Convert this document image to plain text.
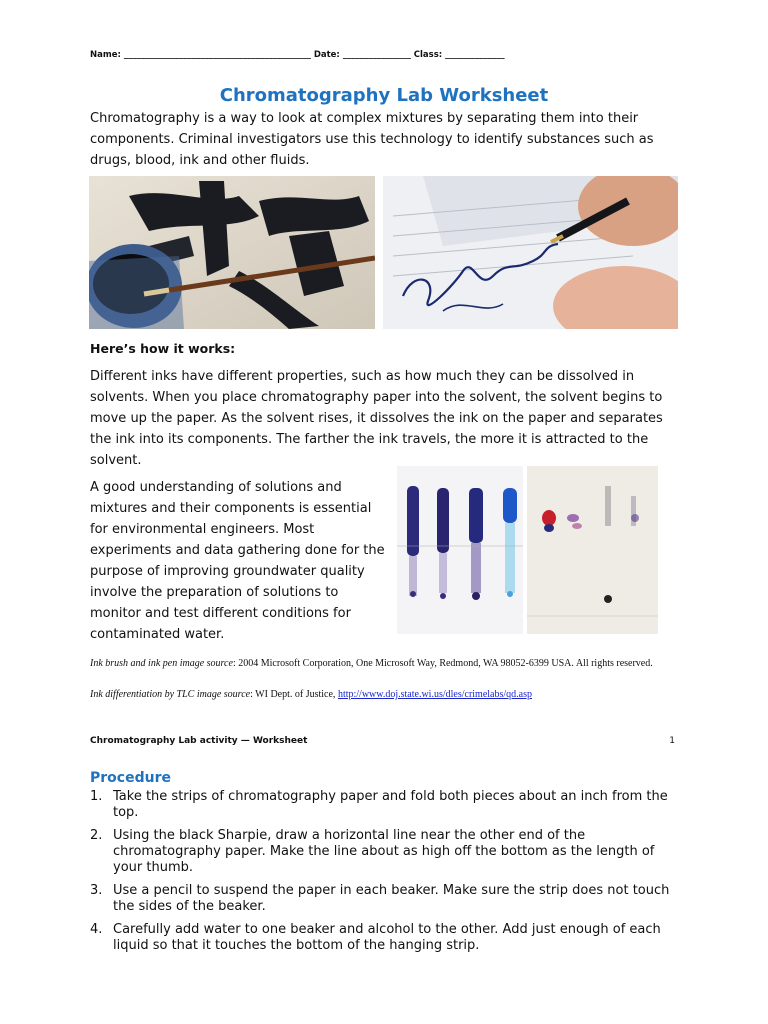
Name: ____________________________________________ Date: ________________ Class: ______________
Chromatography Lab Worksheet
Chromatography is a way to look at complex mixtures by separating them into their components. Criminal investigators use this technology to identify substances such as drugs, blood, ink and other fluids.
Here’s how it works:
Different inks have different properties, such as how much they can be dissolved in solvents. When you place chromatography paper into the solvent, the solvent begins to move up the paper. As the solvent rises, it dissolves the ink on the paper and separates the ink into its components. The farther the ink travels, the more it is attracted to the solvent.
A good understanding of solutions and mixtures and their components is essential for environmental engineers. Most experiments and data gathering done for the purpose of improving groundwater quality involve the preparation of solutions to monitor and test different conditions for contaminated water.
Ink brush and ink pen image source: 2004 Microsoft Corporation, One Microsoft Way, Redmond, WA 98052-6399 USA. All rights reserved.
Ink differentiation by TLC image source: WI Dept. of Justice, http://www.doj.state.wi.us/dles/crimelabs/qd.asp
Chromatography Lab activity — Worksheet	1
Procedure
1. Take the strips of chromatography paper and fold both pieces about an inch from the top.
2. Using the black Sharpie, draw a horizontal line near the other end of the chromatography paper. Make the line about as high off the bottom as the length of your thumb.
3. Use a pencil to suspend the paper in each beaker. Make sure the strip does not touch the sides of the beaker.
4. Carefully add water to one beaker and alcohol to the other. Add just enough of each liquid so that it touches the bottom of the hanging strip.
